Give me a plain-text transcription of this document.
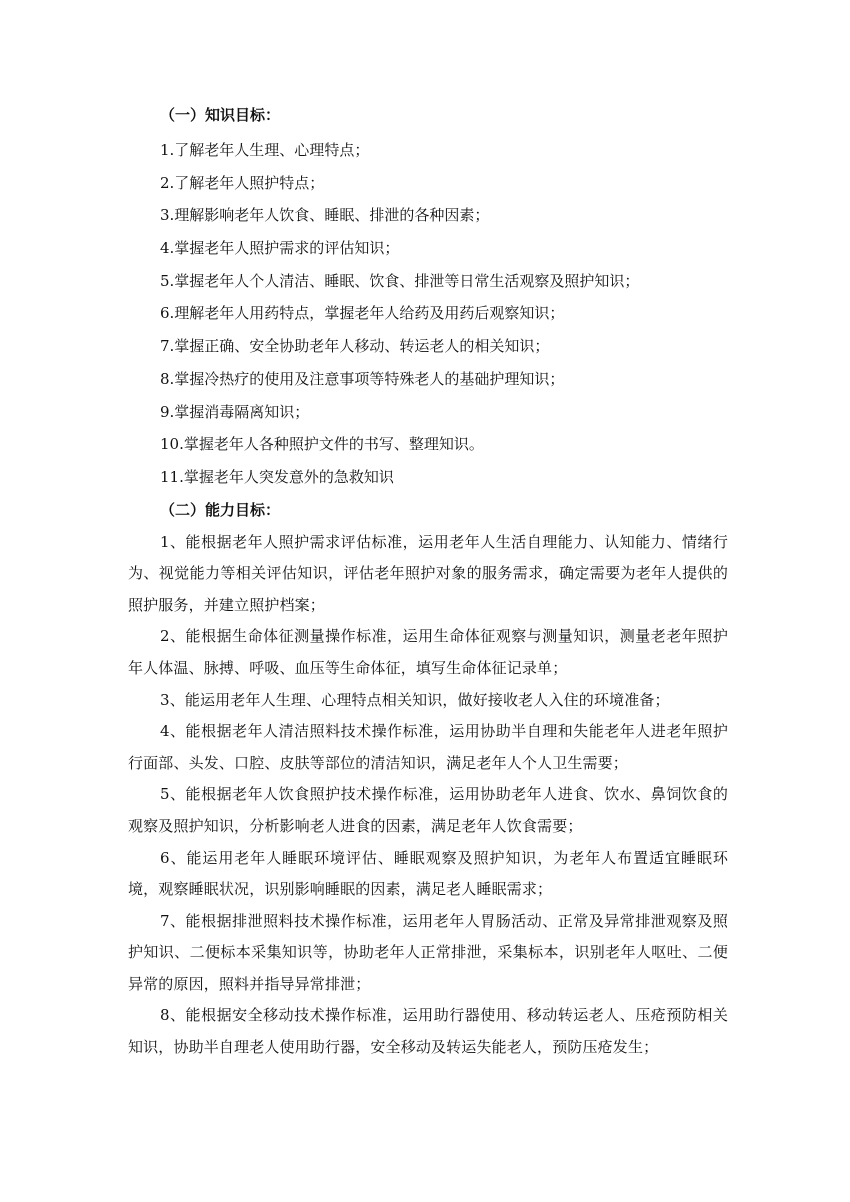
（一）知识目标：
1.了解老年人生理、心理特点；
2.了解老年人照护特点；
3.理解影响老年人饮食、睡眠、排泄的各种因素；
4.掌握老年人照护需求的评估知识；
5.掌握老年人个人清洁、睡眠、饮食、排泄等日常生活观察及照护知识；
6.理解老年人用药特点，掌握老年人给药及用药后观察知识；
7.掌握正确、安全协助老年人移动、转运老人的相关知识；
8.掌握冷热疗的使用及注意事项等特殊老人的基础护理知识；
9.掌握消毒隔离知识；
10.掌握老年人各种照护文件的书写、整理知识。
11.掌握老年人突发意外的急救知识
（二）能力目标：

1、能根据老年人照护需求评估标准，运用老年人生活自理能力、认知能力、情绪行为、视觉能力等相关评估知识，评估老年照护对象的服务需求，确定需要为老年人提供的照护服务，并建立照护档案；

2、能根据生命体征测量操作标准，运用生命体征观察与测量知识，测量老老年照护年人体温、脉搏、呼吸、血压等生命体征，填写生命体征记录单；

3、能运用老年人生理、心理特点相关知识，做好接收老人入住的环境准备；

4、能根据老年人清洁照料技术操作标准，运用协助半自理和失能老年人进老年照护行面部、头发、口腔、皮肤等部位的清洁知识，满足老年人个人卫生需要；

5、能根据老年人饮食照护技术操作标准，运用协助老年人进食、饮水、鼻饲饮食的观察及照护知识，分析影响老人进食的因素，满足老年人饮食需要；

6、能运用老年人睡眠环境评估、睡眠观察及照护知识，为老年人布置适宜睡眠环境，观察睡眠状况，识别影响睡眠的因素，满足老人睡眠需求；

7、能根据排泄照料技术操作标准，运用老年人胃肠活动、正常及异常排泄观察及照护知识、二便标本采集知识等，协助老年人正常排泄，采集标本，识别老年人呕吐、二便异常的原因，照料并指导异常排泄；

8、能根据安全移动技术操作标准，运用助行器使用、移动转运老人、压疮预防相关知识，协助半自理老人使用助行器，安全移动及转运失能老人，预防压疮发生；
